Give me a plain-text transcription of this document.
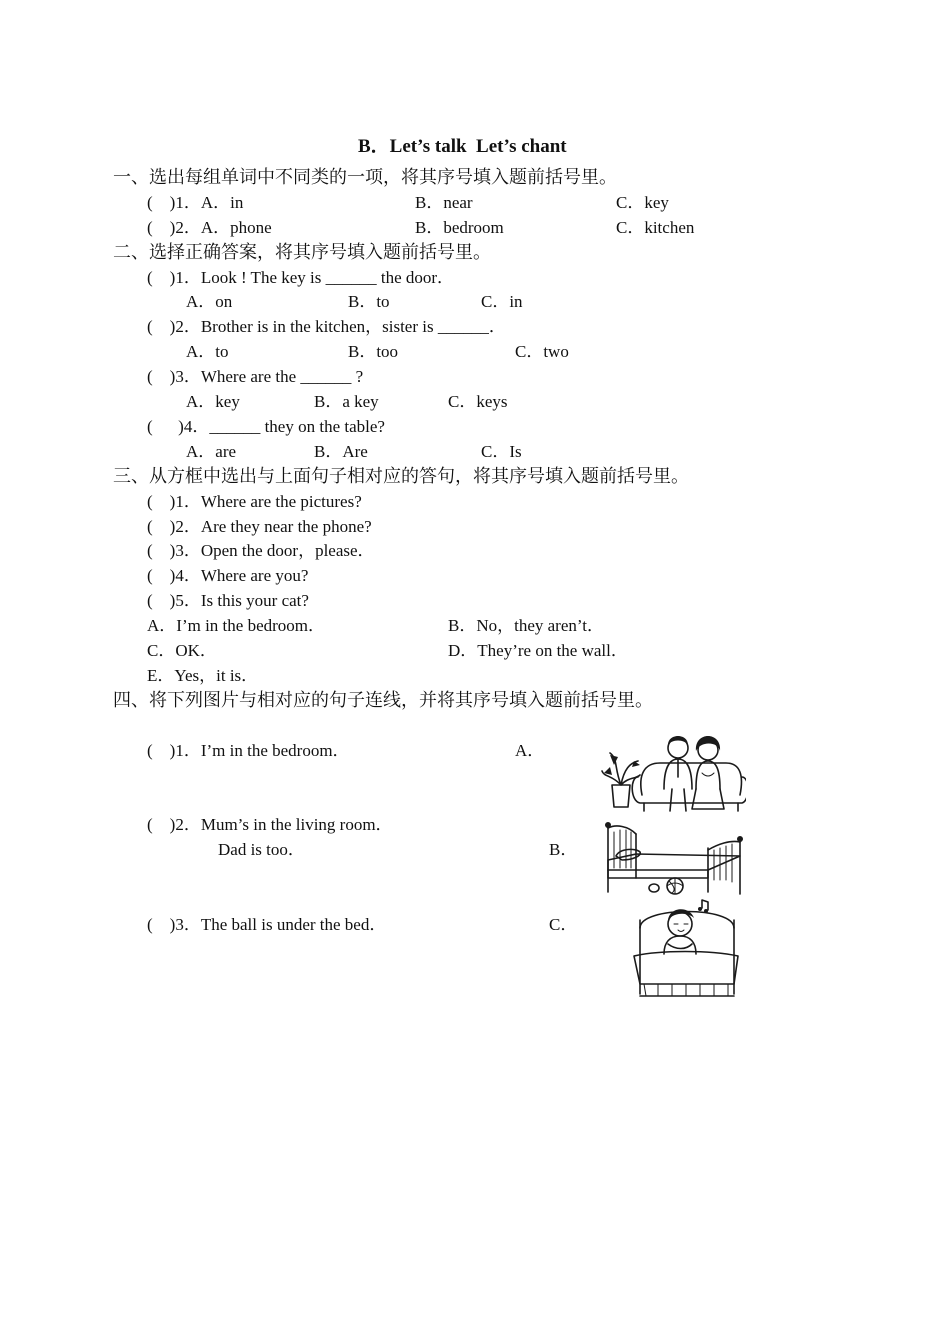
B．Let’s talk  Let’s chant
一、选出每组单词中不同类的一项，将其序号填入题前括号里。
(    )1．A．in	B．near	C．key
(    )2．A．phone	B．bedroom	C．kitchen
二、选择正确答案，将其序号填入题前括号里。
(    )1．Look ! The key is ______ the door．
A．on	B．to	C．in
(    )2．Brother is in the kitchen，sister is ______．
A．to	B．too	C．two
(    )3．Where are the ______ ?
A．key	B．a key	C．keys
(      )4．______ they on the table?
A．are	B．Are	C．Is
三、从方框中选出与上面句子相对应的答句，将其序号填入题前括号里。
(    )1．Where are the pictures?
(    )2．Are they near the phone?
(    )3．Open the door，please．
(    )4．Where are you?
(    )5．Is this your cat?
A．I’m in the bedroom．	B．No，they aren’t．
C．OK．	D．They’re on the wall．
E．Yes，it is．
四、将下列图片与相对应的句子连线，并将其序号填入题前括号里。
(    )1．I’m in the bedroom．	A．
(    )2．Mum’s in the living room．
Dad is too．	B．
(    )3．The ball is under the bed．	C．
